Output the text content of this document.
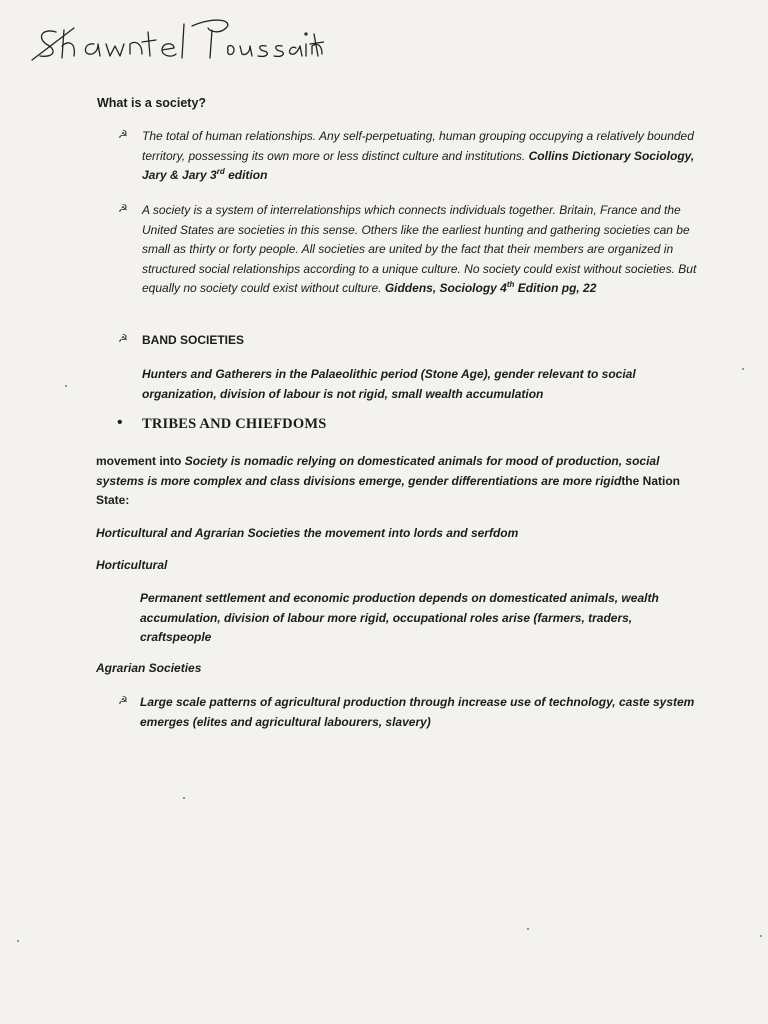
What is a society?
☭ The total of human relationships. Any self-perpetuating, human grouping occupying a relatively bounded territory, possessing its own more or less distinct culture and institutions. Collins Dictionary Sociology, Jary & Jary 3rd edition
☭ A society is a system of interrelationships which connects individuals together. Britain, France and the United States are societies in this sense. Others like the earliest hunting and gathering societies can be small as thirty or forty people. All societies are united by the fact that their members are organized in structured social relationships according to a unique culture. No society could exist without societies. But equally no society could exist without culture. Giddens, Sociology 4th Edition pg, 22
☭ BAND SOCIETIES
Hunters and Gatherers in the Palaeolithic period (Stone Age), gender relevant to social organization, division of labour is not rigid, small wealth accumulation
• TRIBES AND CHIEFDOMS
movement into Society is nomadic relying on domesticated animals for mood of production, social systems is more complex and class divisions emerge, gender differentiations are more rigidthe Nation State:
Horticultural and Agrarian Societies the movement into lords and serfdom
Horticultural
Permanent settlement and economic production depends on domesticated animals, wealth accumulation, division of labour more rigid, occupational roles arise (farmers, traders, craftspeople
Agrarian Societies
☭ Large scale patterns of agricultural production through increase use of technology, caste system emerges (elites and agricultural labourers, slavery)
